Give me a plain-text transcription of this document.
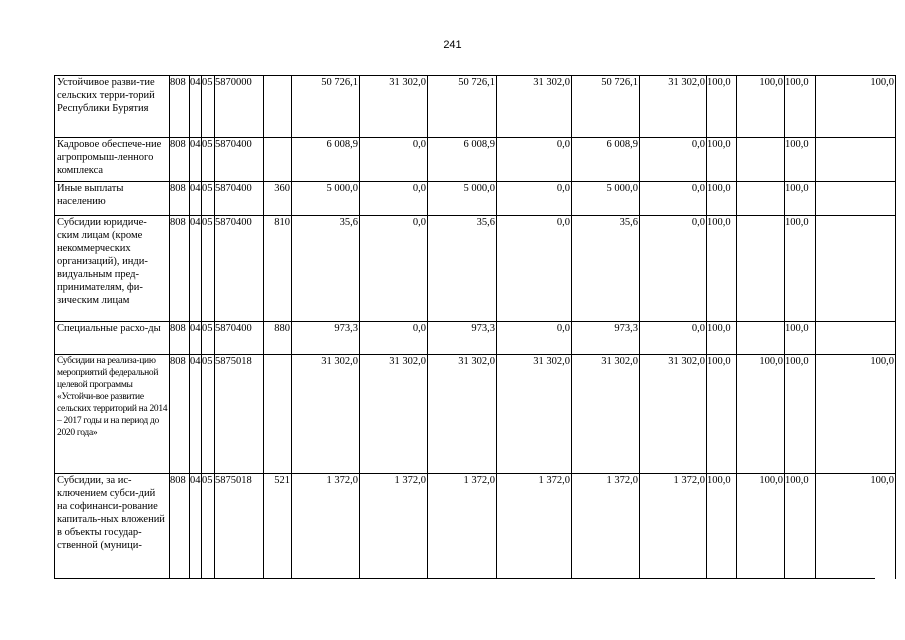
241
Устойчивое разви-тие сельских терри-торий Республики Бурятия	808	04	05	5870000		50 726,1	31 302,0	50 726,1	31 302,0	50 726,1	31 302,0	100,0	100,0	100,0	100,0
Кадровое обеспече-ние агропромыш-ленного комплекса	808	04	05	5870400		6 008,9	0,0	6 008,9	0,0	6 008,9	0,0	100,0		100,0	
Иные выплаты населению	808	04	05	5870400	360	5 000,0	0,0	5 000,0	0,0	5 000,0	0,0	100,0		100,0	
Субсидии юридиче-ским лицам (кроме некоммерческих организаций), инди-видуальным пред-принимателям, фи-зическим лицам	808	04	05	5870400	810	35,6	0,0	35,6	0,0	35,6	0,0	100,0		100,0	
Специальные расхо-ды	808	04	05	5870400	880	973,3	0,0	973,3	0,0	973,3	0,0	100,0		100,0	
Субсидии на реализа-цию мероприятий федеральной целевой программы «Устойчи-вое развитие сельских территорий на 2014 – 2017 годы и на период до 2020 года»	808	04	05	5875018		31 302,0	31 302,0	31 302,0	31 302,0	31 302,0	31 302,0	100,0	100,0	100,0	100,0
Субсидии, за ис-ключением субси-дий на софинанси-рование капиталь-ных вложений в объекты государ-ственной (муници-	808	04	05	5875018	521	1 372,0	1 372,0	1 372,0	1 372,0	1 372,0	1 372,0	100,0	100,0	100,0	100,0
